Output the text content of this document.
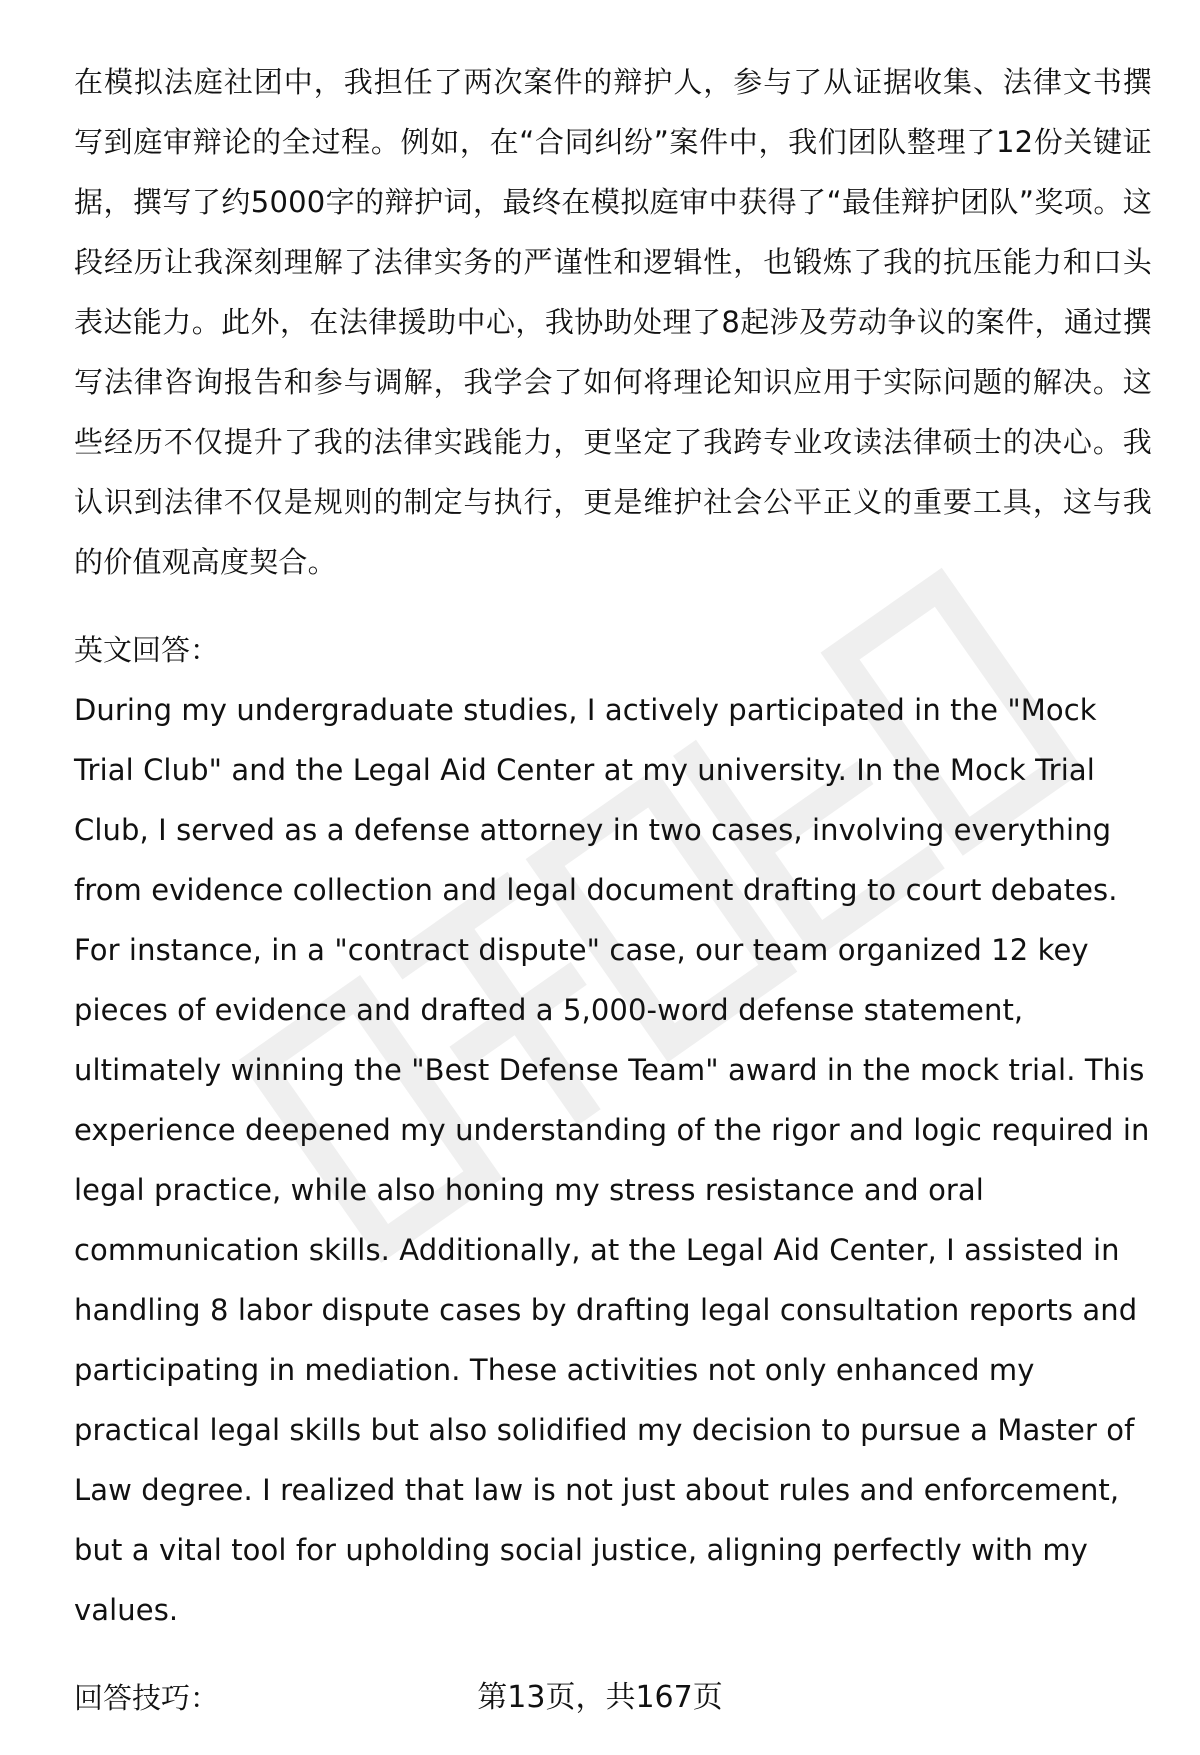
在模拟法庭社团中，我担任了两次案件的辩护人，参与了从证据收集、法律文书撰写到庭审辩论的全过程。例如，在“合同纠纷”案件中，我们团队整理了12份关键证据，撰写了约5000字的辩护词，最终在模拟庭审中获得了“最佳辩护团队”奖项。这段经历让我深刻理解了法律实务的严谨性和逻辑性，也锻炼了我的抗压能力和口头表达能力。此外，在法律援助中心，我协助处理了8起涉及劳动争议的案件，通过撰写法律咨询报告和参与调解，我学会了如何将理论知识应用于实际问题的解决。这些经历不仅提升了我的法律实践能力，更坚定了我跨专业攻读法律硕士的决心。我认识到法律不仅是规则的制定与执行，更是维护社会公平正义的重要工具，这与我的价值观高度契合。

英文回答：

During my undergraduate studies, I actively participated in the "Mock Trial Club" and the Legal Aid Center at my university. In the Mock Trial Club, I served as a defense attorney in two cases, involving everything from evidence collection and legal document drafting to court debates. For instance, in a "contract dispute" case, our team organized 12 key pieces of evidence and drafted a 5,000-word defense statement, ultimately winning the "Best Defense Team" award in the mock trial. This experience deepened my understanding of the rigor and logic required in legal practice, while also honing my stress resistance and oral communication skills. Additionally, at the Legal Aid Center, I assisted in handling 8 labor dispute cases by drafting legal consultation reports and participating in mediation. These activities not only enhanced my practical legal skills but also solidified my decision to pursue a Master of Law degree. I realized that law is not just about rules and enforcement, but a vital tool for upholding social justice, aligning perfectly with my values.

回答技巧：	第13页，共167页
